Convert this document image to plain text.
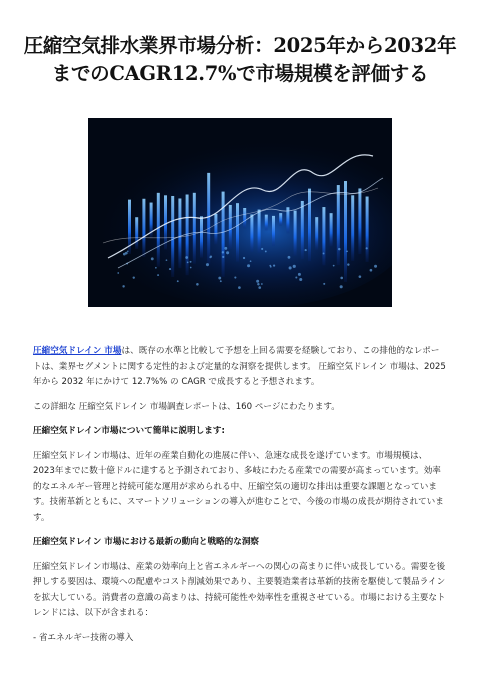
圧縮空気排水業界市場分析：2025年から2032年
までのCAGR12.7%で市場規模を評価する

圧縮空気ドレイン 市場は、既存の水準と比較して予想を上回る需要を経験しており、この排他的なレポートは、業界セグメントに関する定性的および定量的な洞察を提供します。 圧縮空気ドレイン 市場は、2025 年から 2032 年にかけて 12.7%% の CAGR で成長すると予想されます。

この詳細な 圧縮空気ドレイン 市場調査レポートは、160 ページにわたります。

圧縮空気ドレイン市場について簡単に説明します:

圧縮空気ドレイン市場は、近年の産業自動化の進展に伴い、急速な成長を遂げています。市場規模は、2023年までに数十億ドルに達すると予測されており、多岐にわたる産業での需要が高まっています。効率的なエネルギー管理と持続可能な運用が求められる中、圧縮空気の適切な排出は重要な課題となっています。技術革新とともに、スマートソリューションの導入が進むことで、今後の市場の成長が期待されています。

圧縮空気ドレイン 市場における最新の動向と戦略的な洞察

圧縮空気ドレイン市場は、産業の効率向上と省エネルギーへの関心の高まりに伴い成長している。需要を後押しする要因は、環境への配慮やコスト削減効果であり、主要製造業者は革新的技術を駆使して製品ラインを拡大している。消費者の意識の高まりは、持続可能性や効率性を重視させている。市場における主要なトレンドには、以下が含まれる：

- 省エネルギー技術の導入
